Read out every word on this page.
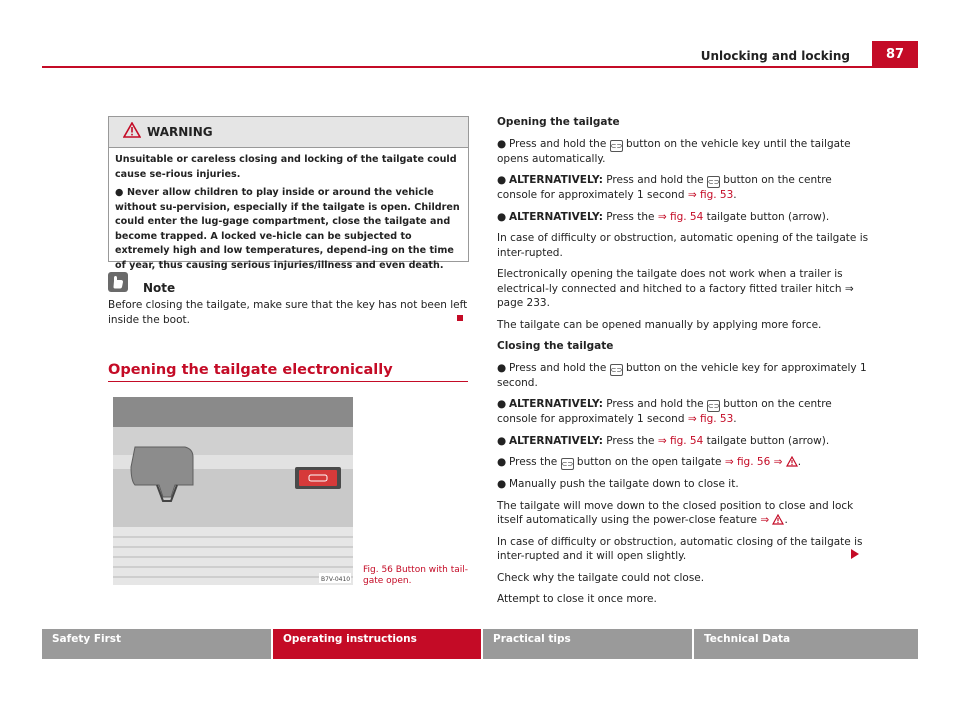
Unlocking and locking	87
WARNING

Unsuitable or careless closing and locking of the tailgate could cause se-rious injuries.

● Never allow children to play inside or around the vehicle without su-pervision, especially if the tailgate is open. Children could enter the lug-gage compartment, close the tailgate and become trapped. A locked ve-hicle can be subjected to extremely high and low temperatures, depend-ing on the time of year, thus causing serious injuries/illness and even death.

Note
Before closing the tailgate, make sure that the key has not been left inside the boot.
Opening the tailgate electronically
B7V-0410
Fig. 56 Button with tail-gate open.

Opening the tailgate

● Press and hold the ⊂⊃ button on the vehicle key until the tailgate opens automatically.

● ALTERNATIVELY: Press and hold the ⊂⊃ button on the centre console for approximately 1 second ⇒ fig. 53.

● ALTERNATIVELY: Press the ⇒ fig. 54 tailgate button (arrow).

In case of difficulty or obstruction, automatic opening of the tailgate is inter-rupted.

Electronically opening the tailgate does not work when a trailer is electrical-ly connected and hitched to a factory fitted trailer hitch ⇒ page 233.

The tailgate can be opened manually by applying more force.

Closing the tailgate

● Press and hold the ⊂⊃ button on the vehicle key for approximately 1 second.

● ALTERNATIVELY: Press and hold the ⊂⊃ button on the centre console for approximately 1 second ⇒ fig. 53.

● ALTERNATIVELY: Press the ⇒ fig. 54 tailgate button (arrow).

● Press the ⊂⊃ button on the open tailgate ⇒ fig. 56 ⇒ .

● Manually push the tailgate down to close it.

The tailgate will move down to the closed position to close and lock itself automatically using the power-close feature ⇒ .

In case of difficulty or obstruction, automatic closing of the tailgate is inter-rupted and it will open slightly.

Check why the tailgate could not close.

Attempt to close it once more.

Safety First	Operating instructions	Practical tips	Technical Data
